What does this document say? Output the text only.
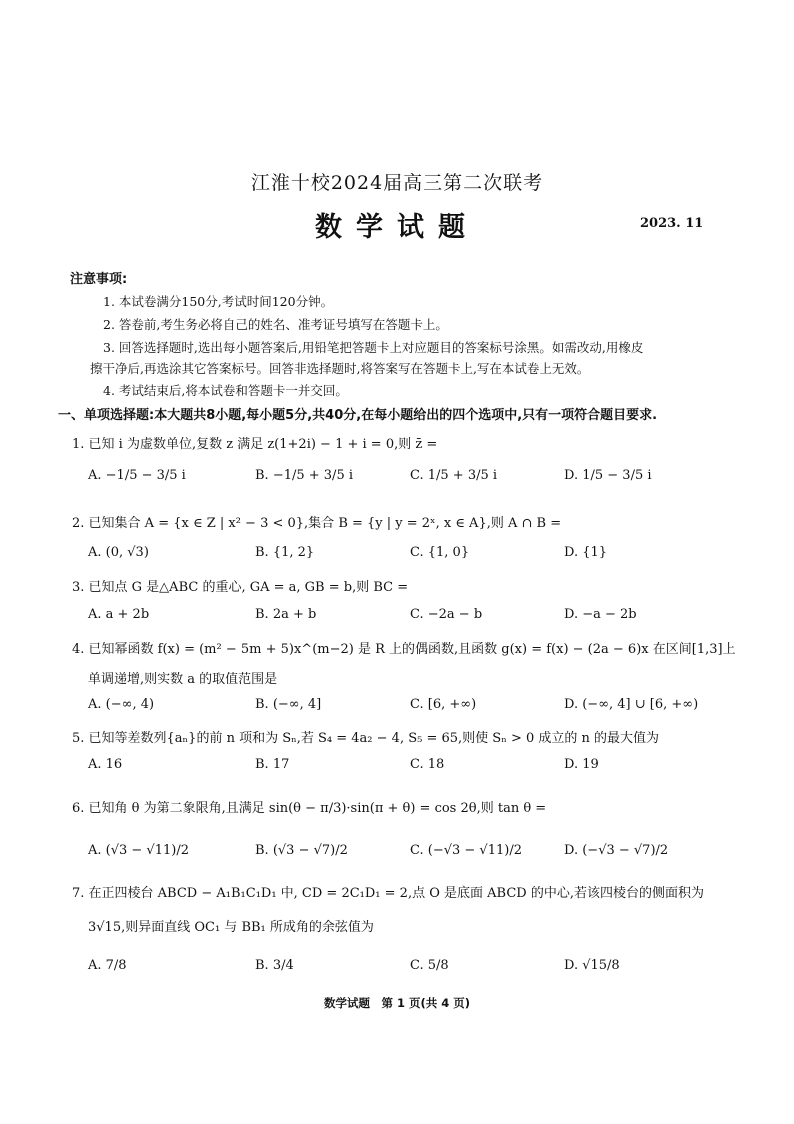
江淮十校2024届高三第二次联考
数学试题	2023. 11
注意事项:
1. 本试卷满分150分,考试时间120分钟。
2. 答卷前,考生务必将自己的姓名、准考证号填写在答题卡上。
3. 回答选择题时,选出每小题答案后,用铅笔把答题卡上对应题目的答案标号涂黑。如需改动,用橡皮
擦干净后,再选涂其它答案标号。回答非选择题时,将答案写在答题卡上,写在本试卷上无效。
4. 考试结束后,将本试卷和答题卡一并交回。
一、单项选择题:本大题共8小题,每小题5分,共40分,在每小题给出的四个选项中,只有一项符合题目要求.
1. 已知 i 为虚数单位,复数 z 满足 z(1+2i) − 1 + i = 0,则 z̄ =
A. −1/5 − 3/5 i	B. −1/5 + 3/5 i	C. 1/5 + 3/5 i	D. 1/5 − 3/5 i
2. 已知集合 A = {x ∈ Z | x² − 3 < 0},集合 B = {y | y = 2ˣ, x ∈ A},则 A ∩ B =
A. (0, √3)	B. {1, 2}	C. {1, 0}	D. {1}
3. 已知点 G 是△ABC 的重心, GA = a, GB = b,则 BC =
A. a + 2b	B. 2a + b	C. −2a − b	D. −a − 2b
4. 已知幂函数 f(x) = (m² − 5m + 5)x^(m−2) 是 R 上的偶函数,且函数 g(x) = f(x) − (2a − 6)x 在区间[1,3]上
单调递增,则实数 a 的取值范围是
A. (−∞, 4)	B. (−∞, 4]	C. [6, +∞)	D. (−∞, 4] ∪ [6, +∞)
5. 已知等差数列{aₙ}的前 n 项和为 Sₙ,若 S₄ = 4a₂ − 4, S₅ = 65,则使 Sₙ > 0 成立的 n 的最大值为
A. 16	B. 17	C. 18	D. 19
6. 已知角 θ 为第二象限角,且满足 sin(θ − π/3)·sin(π + θ) = cos 2θ,则 tan θ =
A. (√3 − √11)/2	B. (√3 − √7)/2	C. (−√3 − √11)/2	D. (−√3 − √7)/2
7. 在正四棱台 ABCD − A₁B₁C₁D₁ 中, CD = 2C₁D₁ = 2,点 O 是底面 ABCD 的中心,若该四棱台的侧面积为
3√15,则异面直线 OC₁ 与 BB₁ 所成角的余弦值为
A. 7/8	B. 3/4	C. 5/8	D. √15/8
数学试题　第 1 页(共 4 页)
